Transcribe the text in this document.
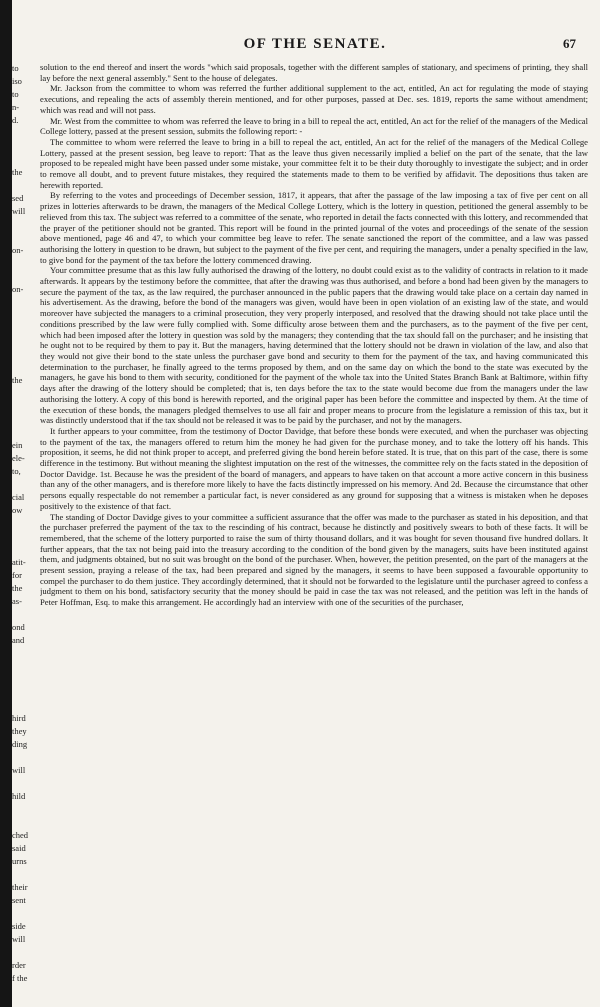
to
iso
to
n-
d.
the
sed
will
on-
on-
the
ein
ele-
to,
cial
ow
atit-
for
the
as-
ond
and
hird
they
ding
will
hild
ched
said
urns
their
sent
side
will
rder
f the
OF THE SENATE.	67

solution to the end thereof and insert the words "which said proposals, together with the different samples of stationary, and specimens of printing, they shall lay before the next general assembly." Sent to the house of delegates.

Mr. Jackson from the committee to whom was referred the further additional supplement to the act, entitled, An act for regulating the mode of staying executions, and repealing the acts of assembly therein mentioned, and for other purposes, passed at Dec. ses. 1819, reports the same without amendment; which was read and will not pass.

Mr. West from the committee to whom was referred the leave to bring in a bill to repeal the act, entitled, An act for the relief of the managers of the Medical College lottery, passed at the present session, submits the following report: -

The committee to whom were referred the leave to bring in a bill to repeal the act, entitled, An act for the relief of the managers of the Medical College Lottery, passed at the present session, beg leave to report: That as the leave thus given necessarily implied a belief on the part of the senate, that the law proposed to be repealed might have been passed under some mistake, your committee felt it to be their duty thoroughly to investigate the subject; and in order to remove all doubt, and to prevent future mistakes, they required the statements made to them to be verified by affidavit. The depositions thus taken are herewith reported.

By referring to the votes and proceedings of December session, 1817, it appears, that after the passage of the law imposing a tax of five per cent on all prizes in lotteries afterwards to be drawn, the managers of the Medical College Lottery, which is the lottery in question, petitioned the general assembly to be relieved from this tax. The subject was referred to a committee of the senate, who reported in detail the facts connected with this lottery, and recommended that the prayer of the petitioner should not be granted. This report will be found in the printed journal of the votes and proceedings of the senate of the session above mentioned, page 46 and 47, to which your committee beg leave to refer. The senate sanctioned the report of the committee, and a law was passed authorising the lottery in question to be drawn, but subject to the payment of the five per cent, and requiring the managers, under a penalty specified in the law, to give bond for the payment of the tax before the lottery commenced drawing.

Your committee presume that as this law fully authorised the drawing of the lottery, no doubt could exist as to the validity of contracts in relation to it made afterwards. It appears by the testimony before the committee, that after the drawing was thus authorised, and before a bond had been given by the managers to secure the payment of the tax, as the law required, the purchaser announced in the public papers that the drawing would take place on a certain day named in his advertisement. As the drawing, before the bond of the managers was given, would have been in open violation of an existing law of the state, and would moreover have subjected the managers to a criminal prosecution, they very properly interposed, and resolved that the drawing should not take place until the conditions prescribed by the law were fully complied with. Some difficulty arose between them and the purchasers, as to the payment of the five per cent, which had been imposed after the lottery in question was sold by the managers; they contending that the tax should fall on the purchaser; and he insisting that he ought not to be required by them to pay it. But the managers, having determined that the lottery should not be drawn in violation of the law, and also that they would not give their bond to the state unless the purchaser gave bond and security to them for the payment of the tax, and having communicated this determination to the purchaser, he finally agreed to the terms proposed by them, and on the same day on which the bond to the state was executed by the managers, he gave his bond to them with security, conditioned for the payment of the whole tax into the United States Branch Bank at Baltimore, within fifty days after the drawing of the lottery should be completed; that is, ten days before the tax to the state would become due from the managers under the law authorising the lottery. A copy of this bond is herewith reported, and the original paper has been before the committee and inspected by them. At the time of the execution of these bonds, the managers pledged themselves to use all fair and proper means to procure from the legislature a remission of this tax, but it was distinctly understood that if the tax should not be released it was to be paid by the purchaser, and not by the managers.

It further appears to your committee, from the testimony of Doctor Davidge, that before these bonds were executed, and when the purchaser was objecting to the payment of the tax, the managers offered to return him the money he had given for the purchase money, and to take the lottery off his hands. This proposition, it seems, he did not think proper to accept, and preferred giving the bond herein before stated. It is true, that on this part of the case, there is some difference in the testimony. But without meaning the slightest imputation on the rest of the witnesses, the committee rely on the facts stated in the deposition of Doctor Davidge. 1st. Because he was the president of the board of managers, and appears to have taken on that account a more active concern in this business than any of the other managers, and is therefore more likely to have the facts distinctly impressed on his memory. And 2d. Because the circumstance that other persons equally respectable do not remember a particular fact, is never considered as any ground for supposing that a witness is mistaken when he deposes positively to the existence of that fact.

The standing of Doctor Davidge gives to your committee a sufficient assurance that the offer was made to the purchaser as stated in his deposition, and that the purchaser preferred the payment of the tax to the rescinding of his contract, because he distinctly and positively swears to both of these facts. It will be remembered, that the scheme of the lottery purported to raise the sum of thirty thousand dollars, and it was bought for seven thousand five hundred dollars. It further appears, that the tax not being paid into the treasury according to the condition of the bond given by the managers, suits have been instituted against them, and judgments obtained, but no suit was brought on the bond of the purchaser. When, however, the petition presented, on the part of the managers at the present session, praying a release of the tax, had been prepared and signed by the managers, it seems to have been supposed a favourable opportunity to compel the purchaser to do them justice. They accordingly determined, that it should not be forwarded to the legislature until the purchaser agreed to confess a judgment to them on his bond, satisfactory security that the money should be paid in case the tax was not released, and the petition was left in the hands of Peter Hoffman, Esq. to make this arrangement. He accordingly had an interview with one of the securities of the purchaser,
